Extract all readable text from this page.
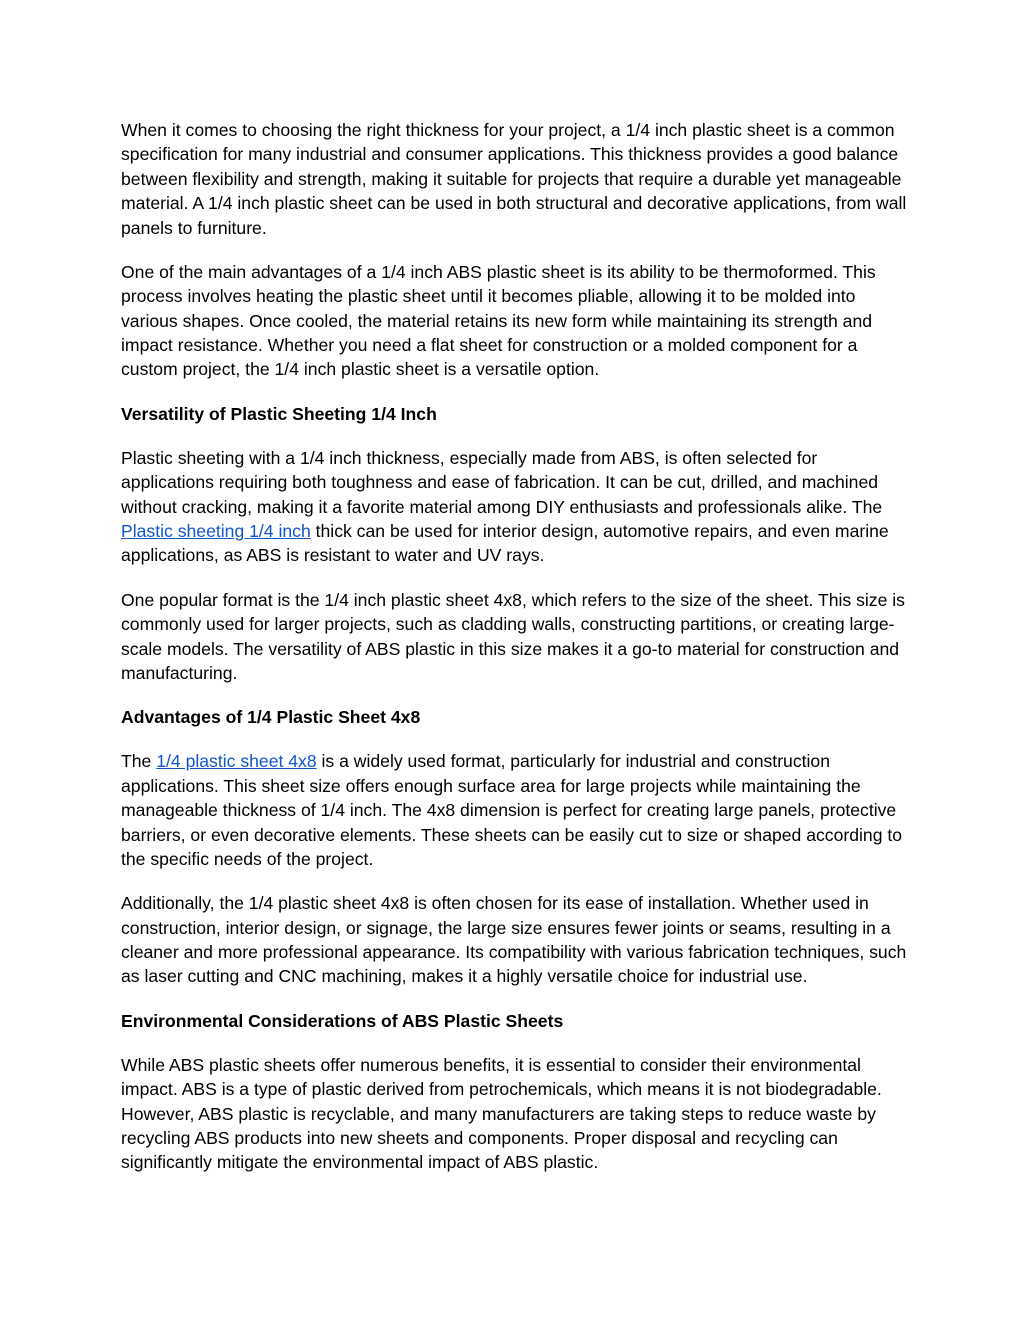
When it comes to choosing the right thickness for your project, a 1/4 inch plastic sheet is a common specification for many industrial and consumer applications. This thickness provides a good balance between flexibility and strength, making it suitable for projects that require a durable yet manageable material. A 1/4 inch plastic sheet can be used in both structural and decorative applications, from wall panels to furniture.

One of the main advantages of a 1/4 inch ABS plastic sheet is its ability to be thermoformed. This process involves heating the plastic sheet until it becomes pliable, allowing it to be molded into various shapes. Once cooled, the material retains its new form while maintaining its strength and impact resistance. Whether you need a flat sheet for construction or a molded component for a custom project, the 1/4 inch plastic sheet is a versatile option.

Versatility of Plastic Sheeting 1/4 Inch

Plastic sheeting with a 1/4 inch thickness, especially made from ABS, is often selected for applications requiring both toughness and ease of fabrication. It can be cut, drilled, and machined without cracking, making it a favorite material among DIY enthusiasts and professionals alike. The Plastic sheeting 1/4 inch thick can be used for interior design, automotive repairs, and even marine applications, as ABS is resistant to water and UV rays.

One popular format is the 1/4 inch plastic sheet 4x8, which refers to the size of the sheet. This size is commonly used for larger projects, such as cladding walls, constructing partitions, or creating large-scale models. The versatility of ABS plastic in this size makes it a go-to material for construction and manufacturing.

Advantages of 1/4 Plastic Sheet 4x8

The 1/4 plastic sheet 4x8 is a widely used format, particularly for industrial and construction applications. This sheet size offers enough surface area for large projects while maintaining the manageable thickness of 1/4 inch. The 4x8 dimension is perfect for creating large panels, protective barriers, or even decorative elements. These sheets can be easily cut to size or shaped according to the specific needs of the project.

Additionally, the 1/4 plastic sheet 4x8 is often chosen for its ease of installation. Whether used in construction, interior design, or signage, the large size ensures fewer joints or seams, resulting in a cleaner and more professional appearance. Its compatibility with various fabrication techniques, such as laser cutting and CNC machining, makes it a highly versatile choice for industrial use.

Environmental Considerations of ABS Plastic Sheets

While ABS plastic sheets offer numerous benefits, it is essential to consider their environmental impact. ABS is a type of plastic derived from petrochemicals, which means it is not biodegradable. However, ABS plastic is recyclable, and many manufacturers are taking steps to reduce waste by recycling ABS products into new sheets and components. Proper disposal and recycling can significantly mitigate the environmental impact of ABS plastic.
